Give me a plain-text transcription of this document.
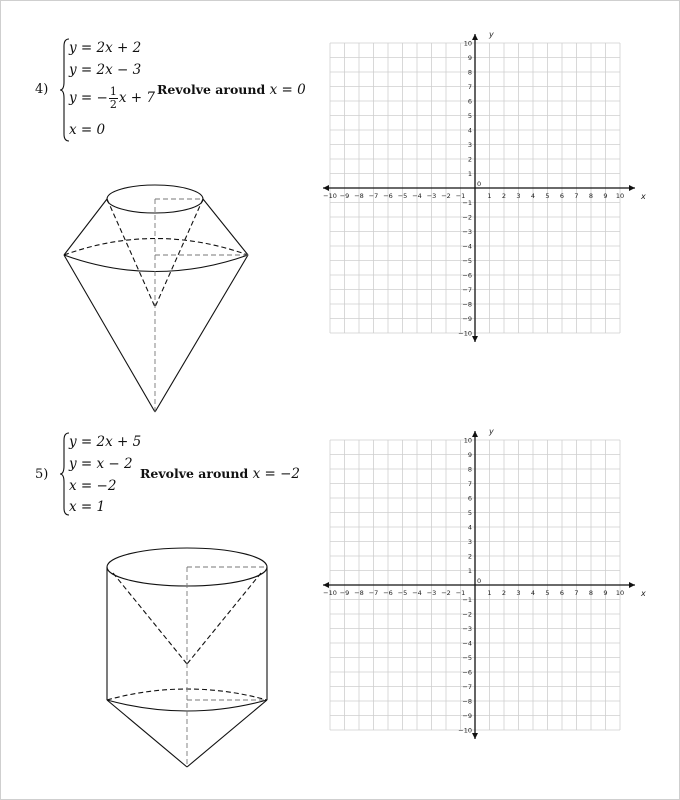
4)
y = 2x + 2
y = 2x − 3
y = − $\frac{1}{2}$ x + 7
x = 0
Revolve around x = 0
−10 −9 −8 −7 −6 −5 −4 −3 −2 −1	1 2 3 4 5 6 7 8 9 10
10
9
8
7
6
5
4
3
2
1
−1
−2
−3
−4
−5
−6
−7
−8
−9
−10
0
x
y
5)
y = 2x + 5
y = x − 2
x = −2
x = 1
Revolve around x = −2
−10 −9 −8 −7 −6 −5 −4 −3 −2 −1	1 2 3 4 5 6 7 8 9 10
10
9
8
7
6
5
4
3
2
1
−1
−2
−3
−4
−5
−6
−7
−8
−9
−10
0
x
y
